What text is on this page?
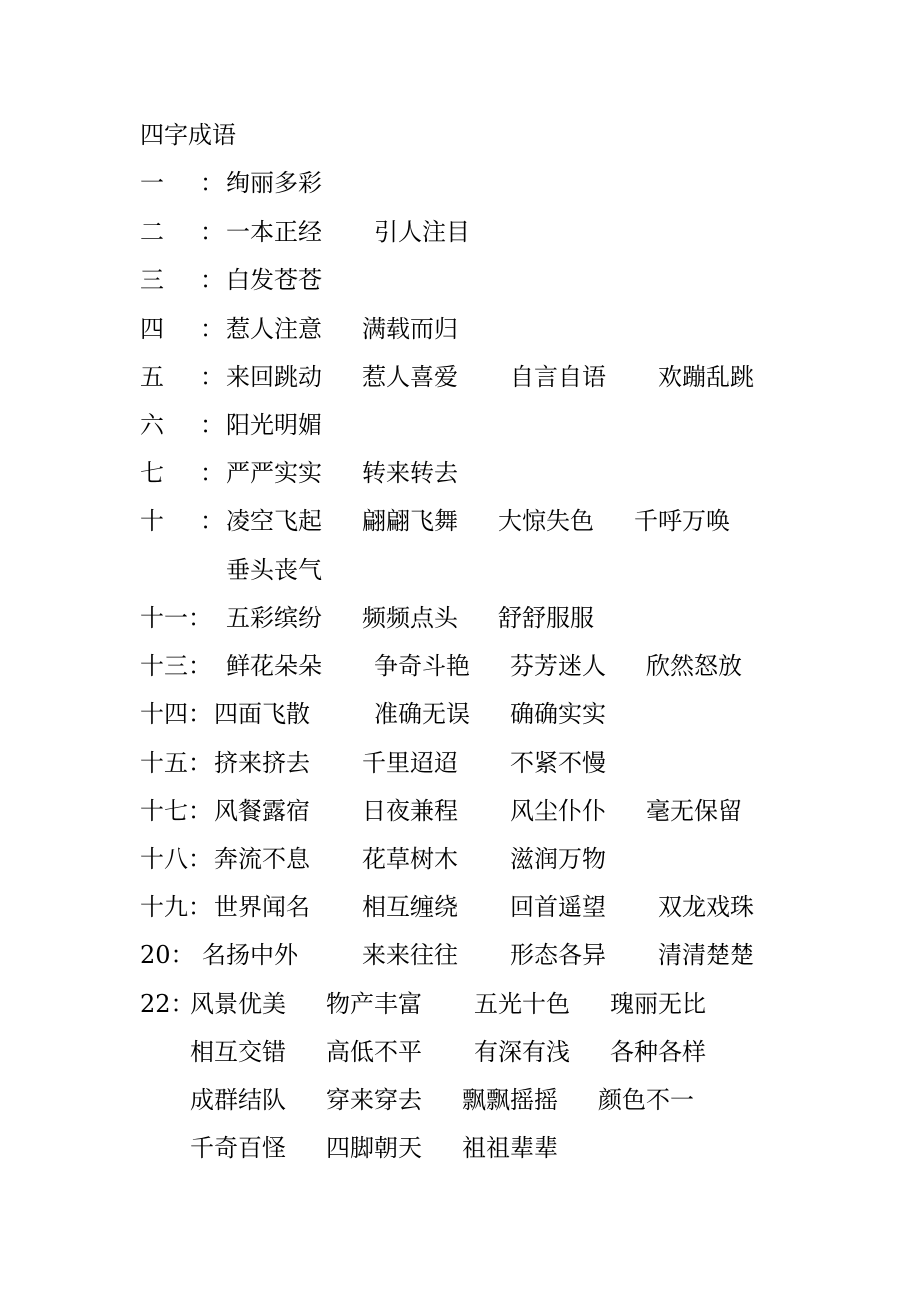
四字成语
一 ： 绚丽多彩
二 ： 一本正经 引人注目
三 ： 白发苍苍
四 ： 惹人注意 满载而归
五 ： 来回跳动 惹人喜爱 自言自语 欢蹦乱跳
六 ： 阳光明媚
七 ： 严严实实 转来转去
十 ： 凌空飞起 翩翩飞舞 大惊失色 千呼万唤
垂头丧气
十一： 五彩缤纷 频频点头 舒舒服服
十三： 鲜花朵朵 争奇斗艳 芬芳迷人 欣然怒放
十四： 四面飞散	准确无误 确确实实
十五： 挤来挤去 千里迢迢 不紧不慢
十七： 风餐露宿 日夜兼程 风尘仆仆 毫无保留
十八： 奔流不息 花草树木 滋润万物
十九： 世界闻名 相互缠绕 回首遥望 双龙戏珠
20： 名扬中外	来来往往 形态各异 清清楚楚
22：
风景优美 物产丰富 五光十色 瑰丽无比
相互交错 高低不平 有深有浅 各种各样
成群结队 穿来穿去 飘飘摇摇 颜色不一
千奇百怪 四脚朝天 祖祖辈辈
